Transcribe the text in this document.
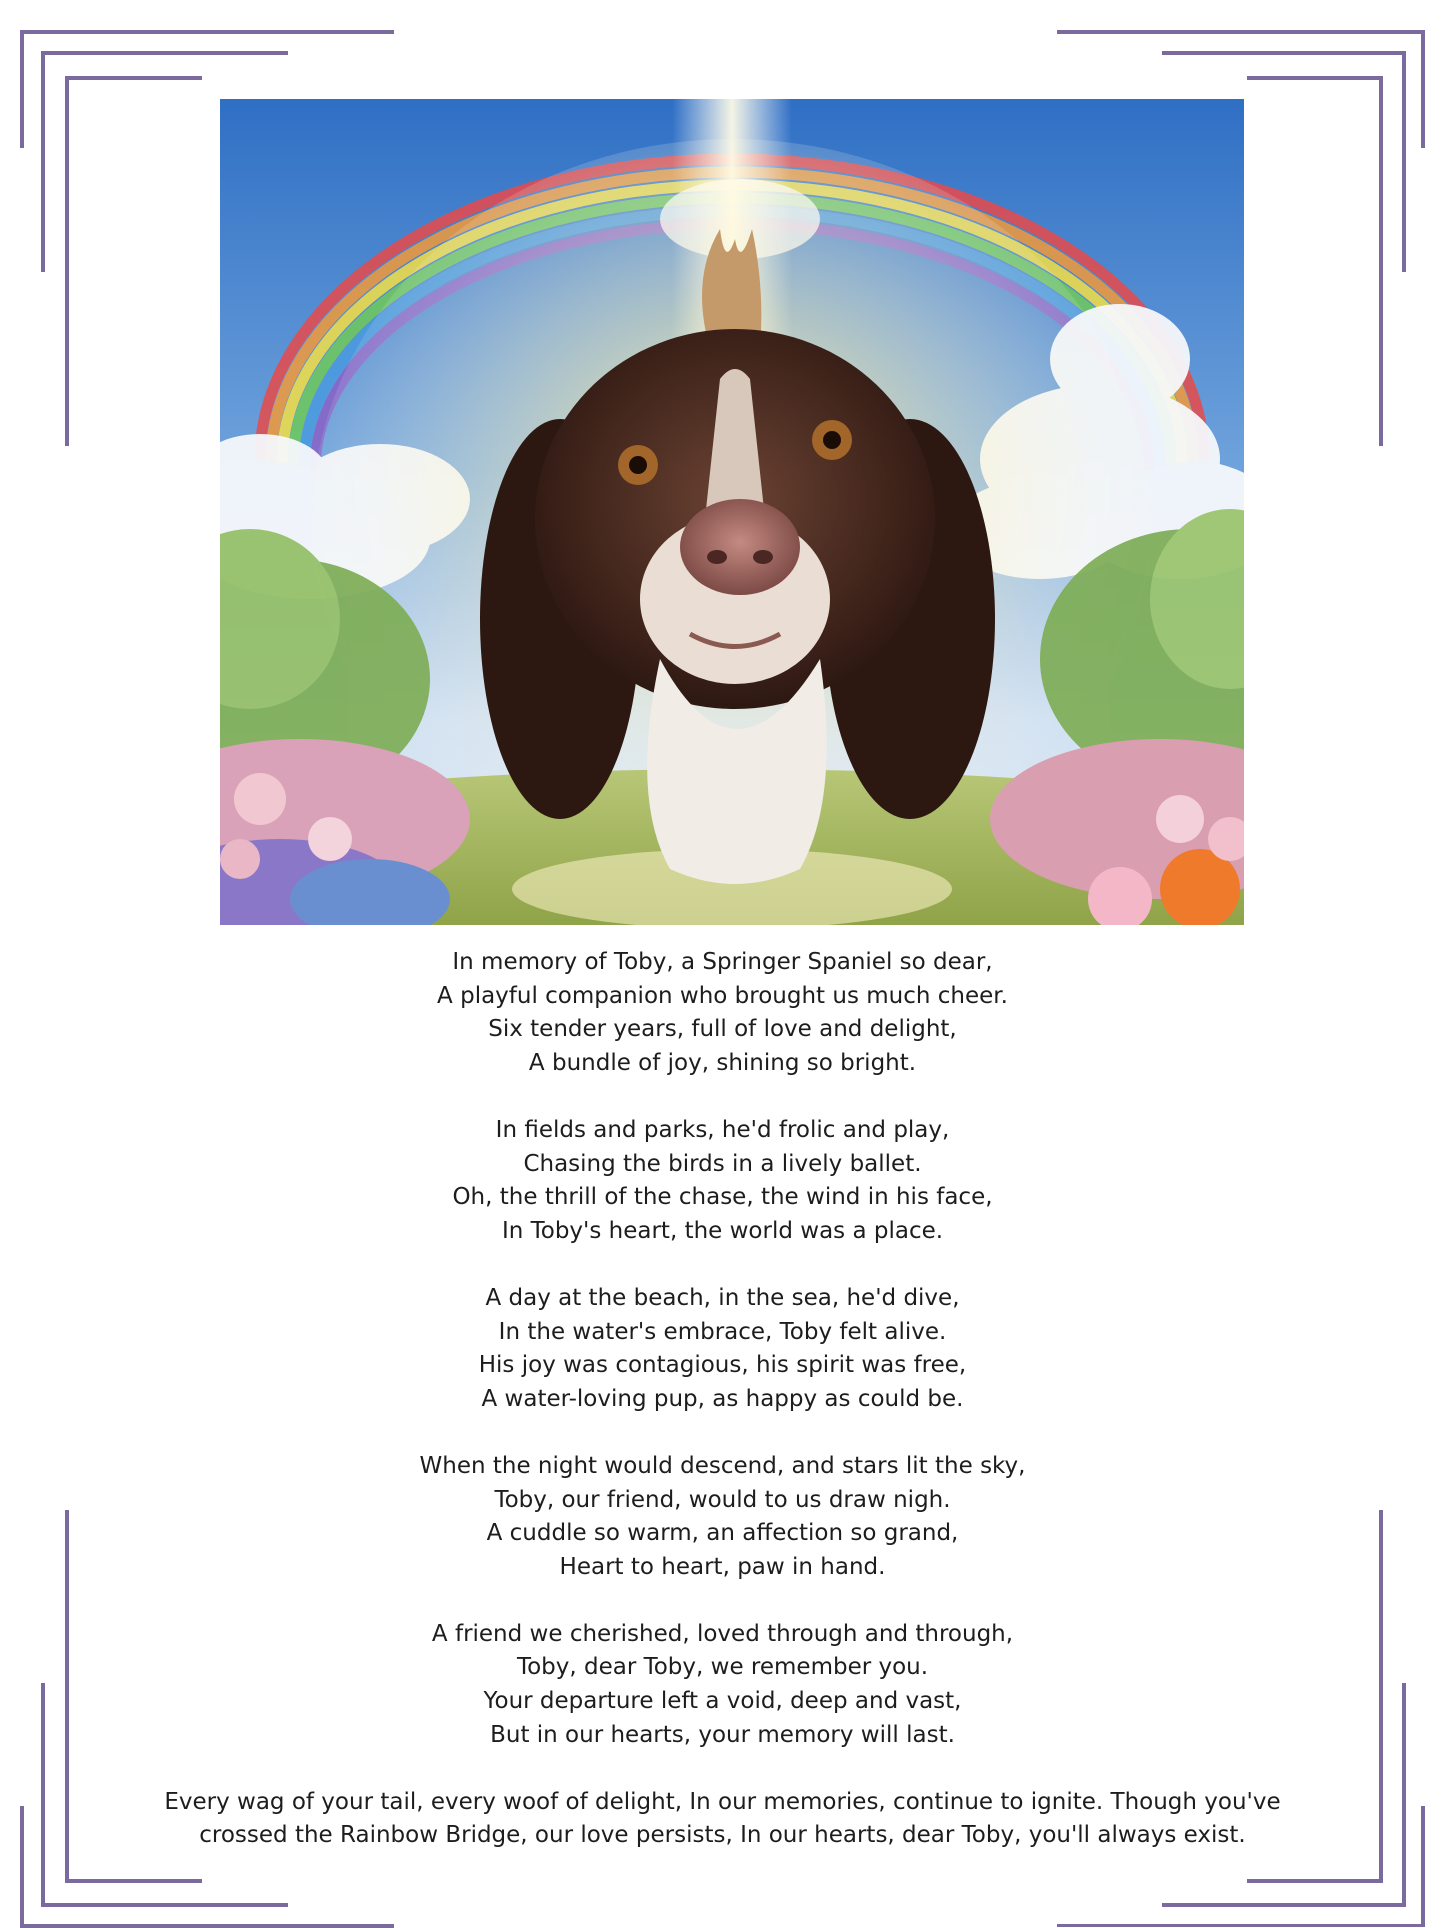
In memory of Toby, a Springer Spaniel so dear,
A playful companion who brought us much cheer.
Six tender years, full of love and delight,
A bundle of joy, shining so bright.
In fields and parks, he'd frolic and play,
Chasing the birds in a lively ballet.
Oh, the thrill of the chase, the wind in his face,
In Toby's heart, the world was a place.
A day at the beach, in the sea, he'd dive,
In the water's embrace, Toby felt alive.
His joy was contagious, his spirit was free,
A water-loving pup, as happy as could be.
When the night would descend, and stars lit the sky,
Toby, our friend, would to us draw nigh.
A cuddle so warm, an affection so grand,
Heart to heart, paw in hand.
A friend we cherished, loved through and through,
Toby, dear Toby, we remember you.
Your departure left a void, deep and vast,
But in our hearts, your memory will last.
Every wag of your tail, every woof of delight, In our memories, continue to ignite. Though you've crossed the Rainbow Bridge, our love persists, In our hearts, dear Toby, you'll always exist.
